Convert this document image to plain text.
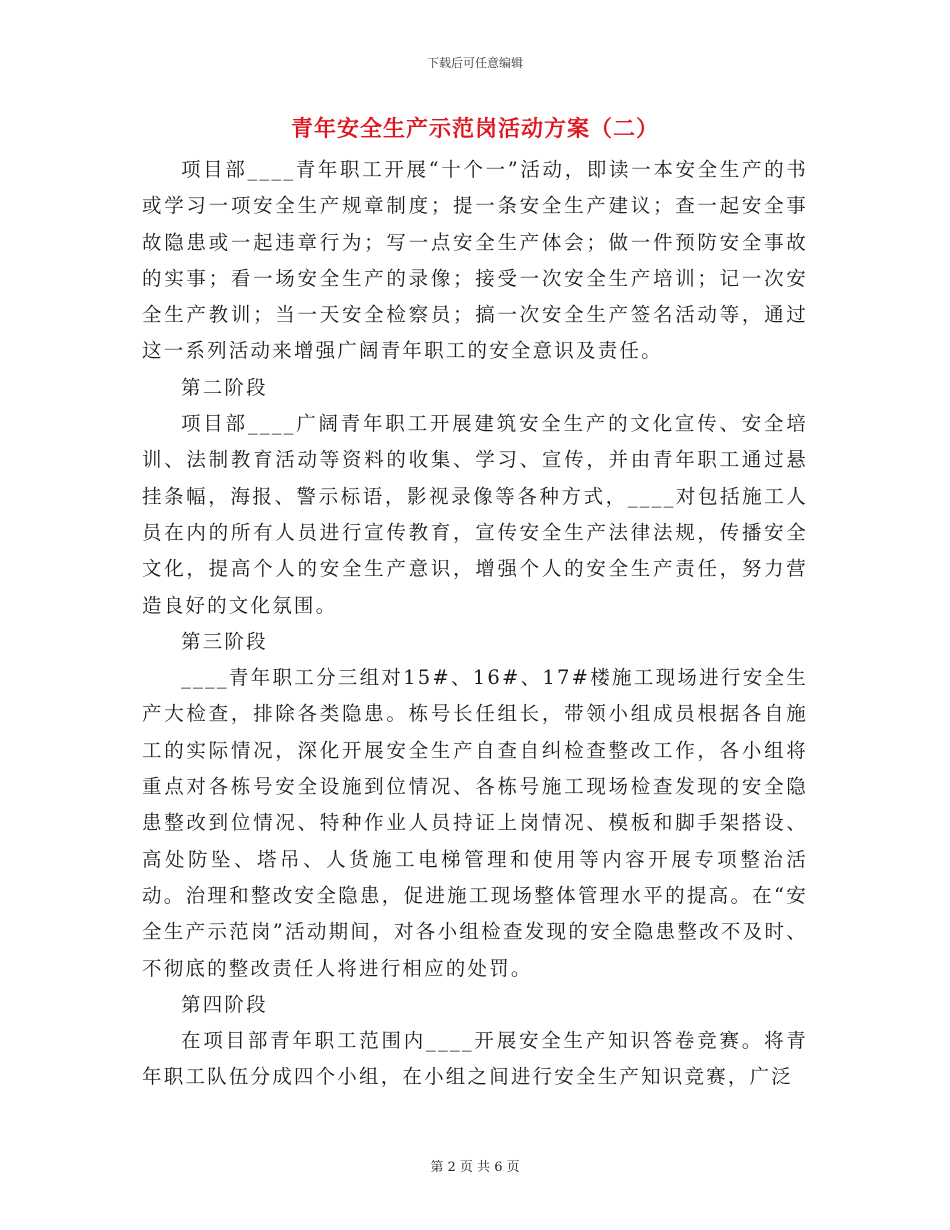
下载后可任意编辑
青年安全生产示范岗活动方案（二）

项目部____青年职工开展“十个一”活动，即读一本安全生产的书或学习一项安全生产规章制度；提一条安全生产建议；查一起安全事故隐患或一起违章行为；写一点安全生产体会；做一件预防安全事故的实事；看一场安全生产的录像；接受一次安全生产培训；记一次安全生产教训；当一天安全检察员；搞一次安全生产签名活动等，通过这一系列活动来增强广阔青年职工的安全意识及责任。

第二阶段

项目部____广阔青年职工开展建筑安全生产的文化宣传、安全培训、法制教育活动等资料的收集、学习、宣传，并由青年职工通过悬挂条幅，海报、警示标语，影视录像等各种方式，____对包括施工人员在内的所有人员进行宣传教育，宣传安全生产法律法规，传播安全文化，提高个人的安全生产意识，增强个人的安全生产责任，努力营造良好的文化氛围。

第三阶段

____青年职工分三组对15#、16#、17#楼施工现场进行安全生产大检查，排除各类隐患。栋号长任组长，带领小组成员根据各自施工的实际情况，深化开展安全生产自查自纠检查整改工作，各小组将重点对各栋号安全设施到位情况、各栋号施工现场检查发现的安全隐患整改到位情况、特种作业人员持证上岗情况、模板和脚手架搭设、高处防坠、塔吊、人货施工电梯管理和使用等内容开展专项整治活动。治理和整改安全隐患，促进施工现场整体管理水平的提高。在“安全生产示范岗”活动期间，对各小组检查发现的安全隐患整改不及时、不彻底的整改责任人将进行相应的处罚。

第四阶段

在项目部青年职工范围内____开展安全生产知识答卷竞赛。将青年职工队伍分成四个小组，在小组之间进行安全生产知识竞赛，广泛

第 2 页 共 6 页
